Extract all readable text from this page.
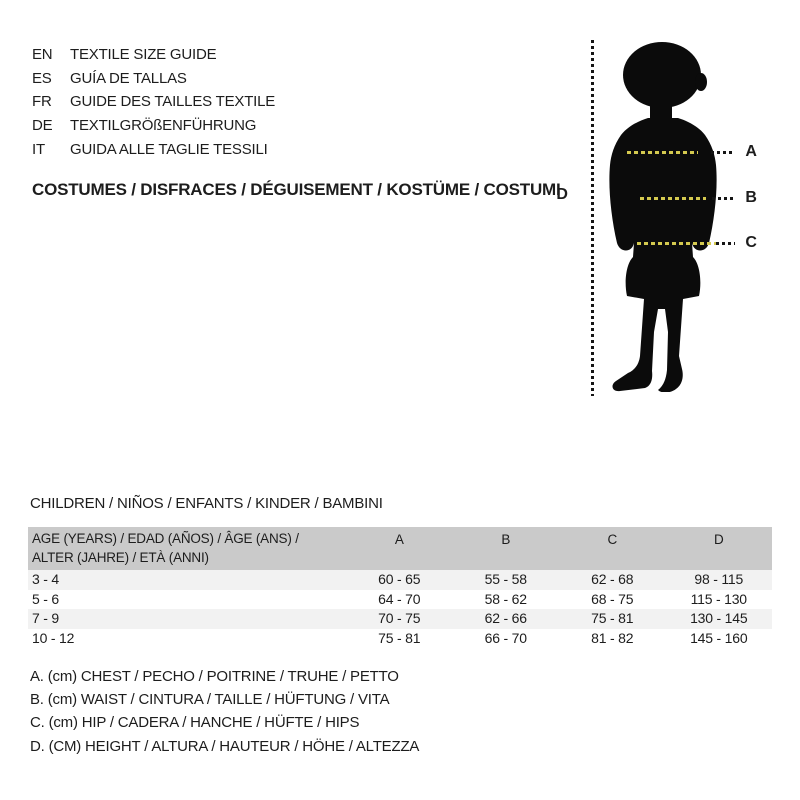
EN	TEXTILE SIZE GUIDE
ES	GUÍA DE TALLAS
FR	GUIDE DES TAILLES TEXTILE
DE	TEXTILGRÖßENFÜHRUNG
IT	GUIDA ALLE TAGLIE TESSILI
COSTUMES / DISFRACES / DÉGUISEMENT / KOSTÜME / COSTUMI
D
A
B
C
CHILDREN / NIÑOS / ENFANTS / KINDER / BAMBINI
AGE (YEARS) / EDAD (AÑOS) / ÂGE (ANS) /
ALTER (JAHRE) / ETÀ (ANNI)
A	B	C	D
3 - 4	60 - 65	55 - 58	62 - 68	98 - 115
5 - 6	64 - 70	58 - 62	68 - 75	115 - 130
7 - 9	70 - 75	62 - 66	75 - 81	130 - 145
10 - 12	75 - 81	66 - 70	81 - 82	145 - 160
A. (cm) CHEST / PECHO / POITRINE / TRUHE / PETTO
B. (cm) WAIST / CINTURA / TAILLE / HÜFTUNG / VITA
C. (cm) HIP / CADERA / HANCHE / HÜFTE / HIPS
D. (CM) HEIGHT / ALTURA / HAUTEUR / HÖHE / ALTEZZA
